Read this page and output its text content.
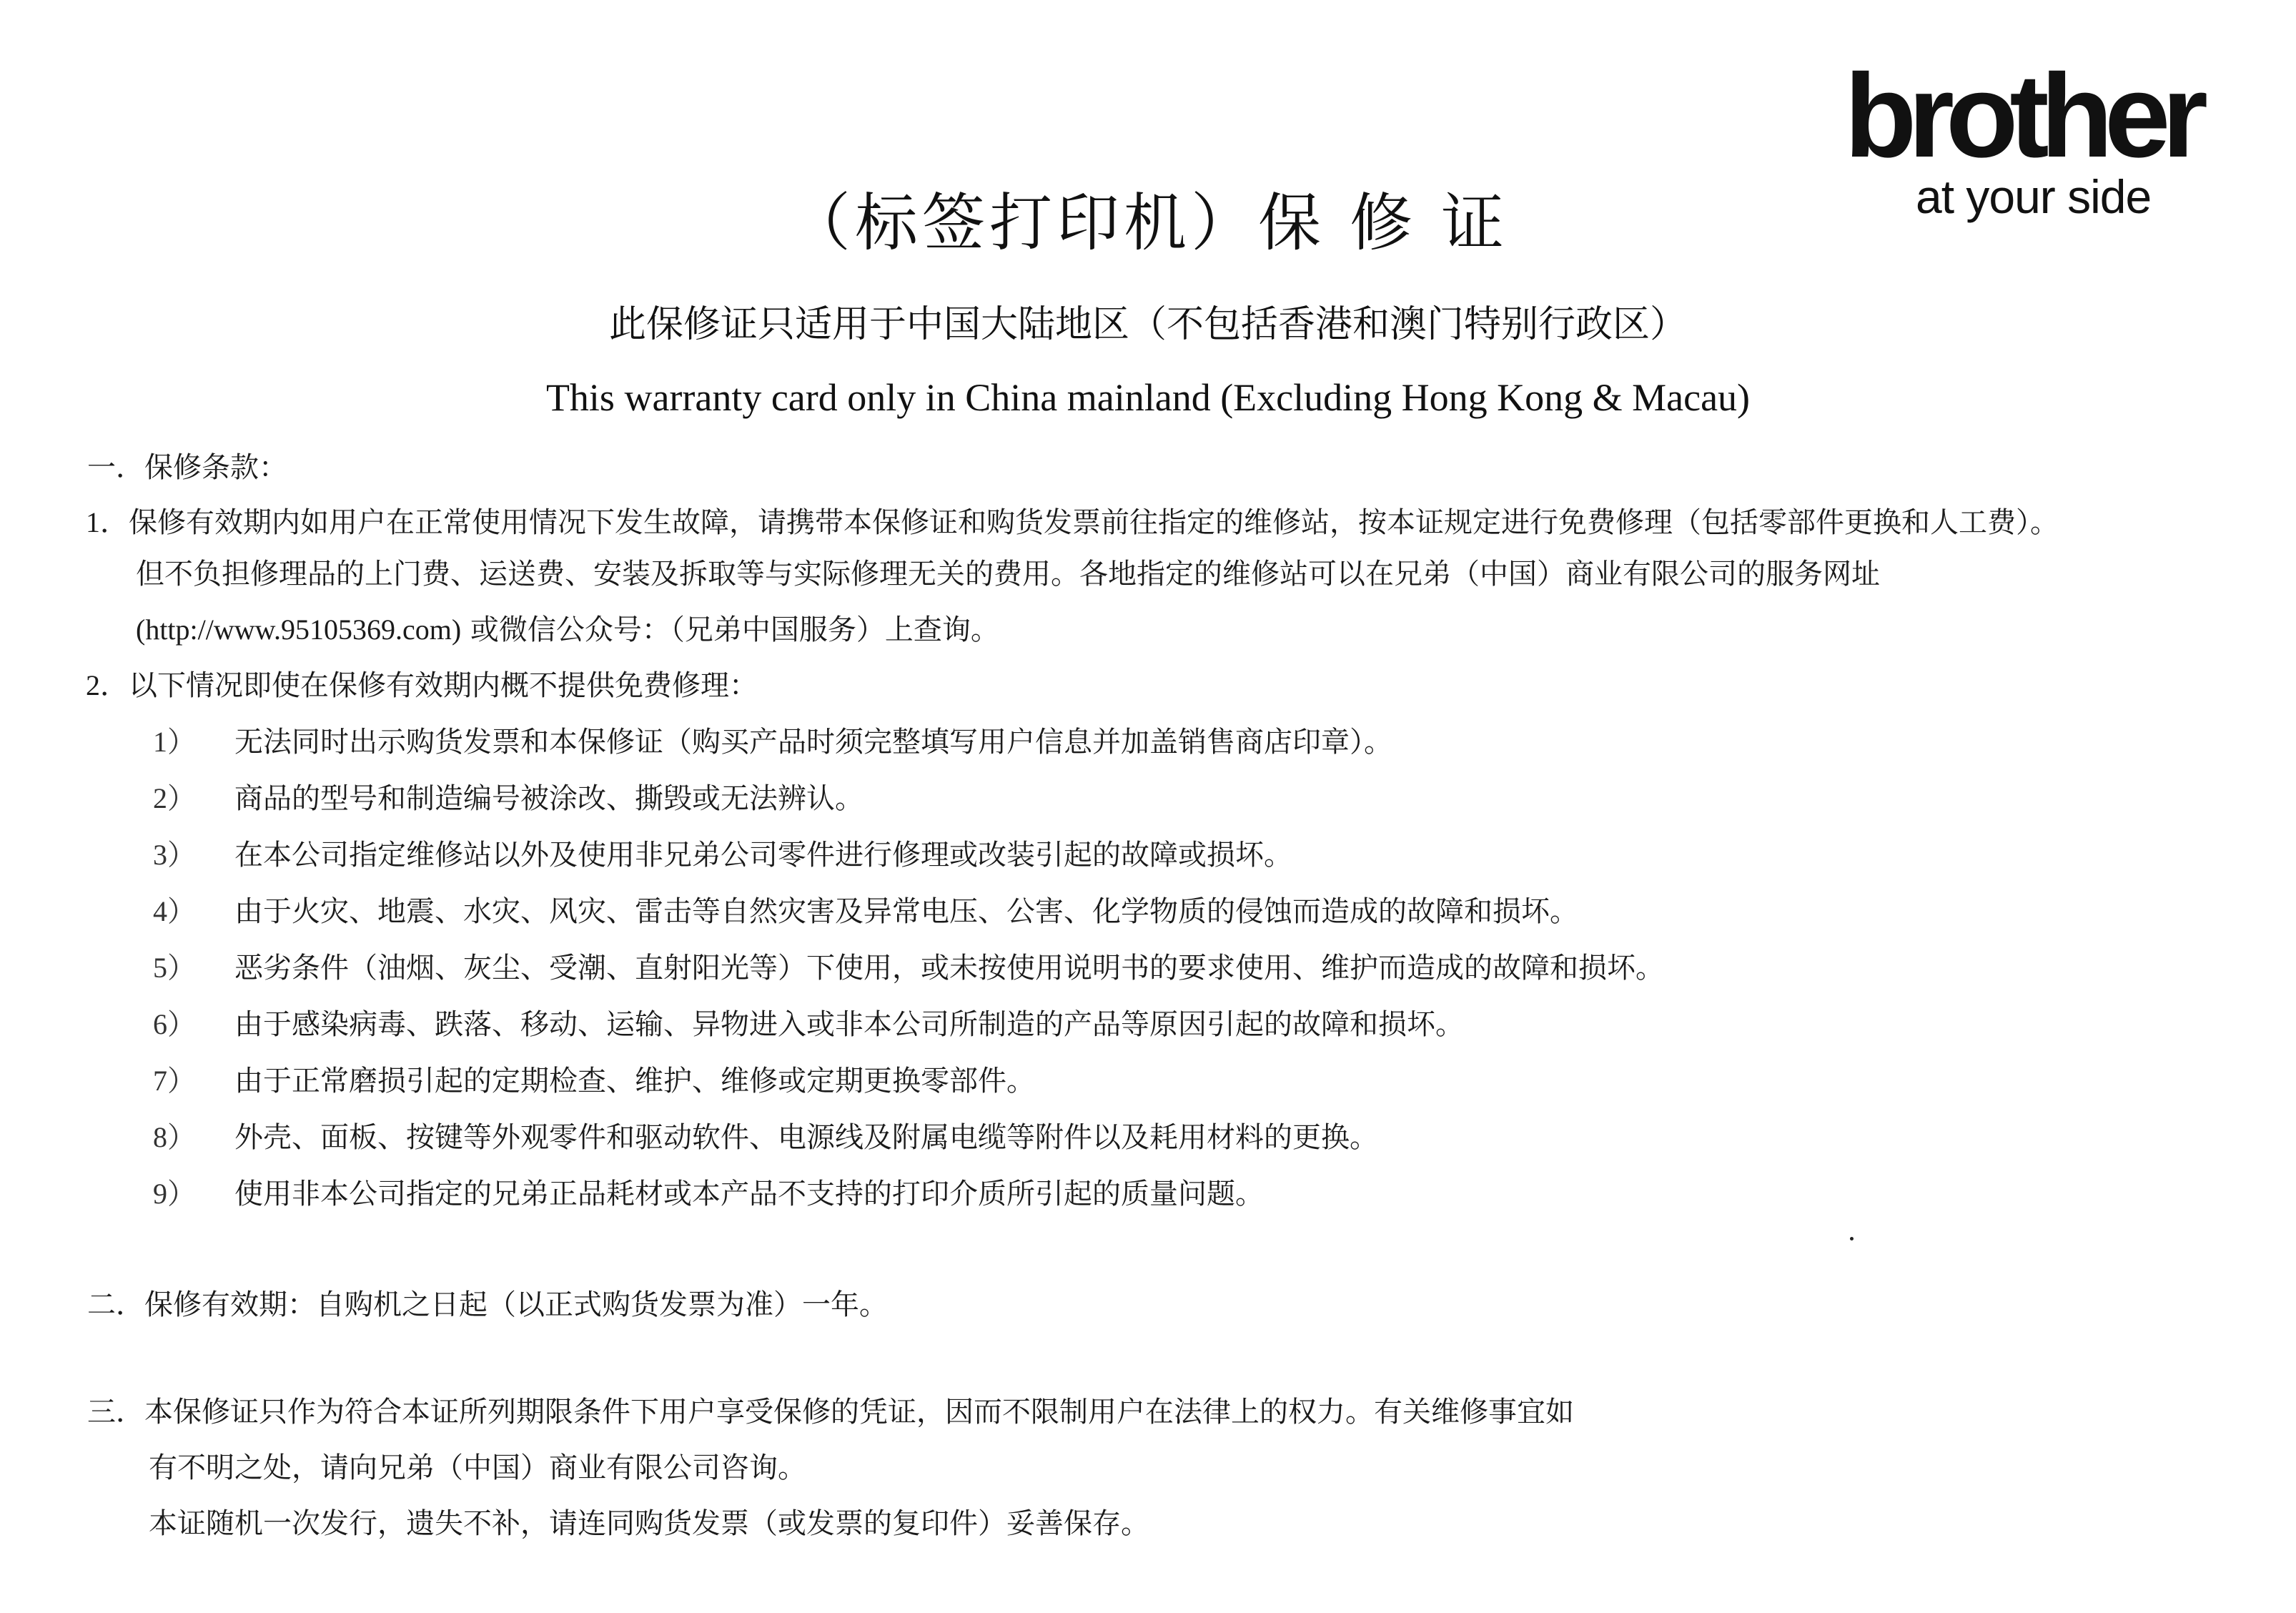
brother
at your side
（标签打印机）保 修 证
此保修证只适用于中国大陆地区（不包括香港和澳门特别行政区）
This warranty card only in China mainland (Excluding Hong Kong & Macau)
一．保修条款：
1．保修有效期内如用户在正常使用情况下发生故障，请携带本保修证和购货发票前往指定的维修站，按本证规定进行免费修理（包括零部件更换和人工费）。
但不负担修理品的上门费、运送费、安装及拆取等与实际修理无关的费用。各地指定的维修站可以在兄弟（中国）商业有限公司的服务网址
(http://www.95105369.com) 或微信公众号：（兄弟中国服务）上查询。
2．以下情况即使在保修有效期内概不提供免费修理：
1） 无法同时出示购货发票和本保修证（购买产品时须完整填写用户信息并加盖销售商店印章）。
2） 商品的型号和制造编号被涂改、撕毁或无法辨认。
3） 在本公司指定维修站以外及使用非兄弟公司零件进行修理或改装引起的故障或损坏。
4） 由于火灾、地震、水灾、风灾、雷击等自然灾害及异常电压、公害、化学物质的侵蚀而造成的故障和损坏。
5） 恶劣条件（油烟、灰尘、受潮、直射阳光等）下使用，或未按使用说明书的要求使用、维护而造成的故障和损坏。
6） 由于感染病毒、跌落、移动、运输、异物进入或非本公司所制造的产品等原因引起的故障和损坏。
7） 由于正常磨损引起的定期检查、维护、维修或定期更换零部件。
8） 外壳、面板、按键等外观零件和驱动软件、电源线及附属电缆等附件以及耗用材料的更换。
9） 使用非本公司指定的兄弟正品耗材或本产品不支持的打印介质所引起的质量问题。
二．保修有效期：自购机之日起（以正式购货发票为准）一年。
三．本保修证只作为符合本证所列期限条件下用户享受保修的凭证，因而不限制用户在法律上的权力。有关维修事宜如
有不明之处，请向兄弟（中国）商业有限公司咨询。
本证随机一次发行，遗失不补，请连同购货发票（或发票的复印件）妥善保存。
